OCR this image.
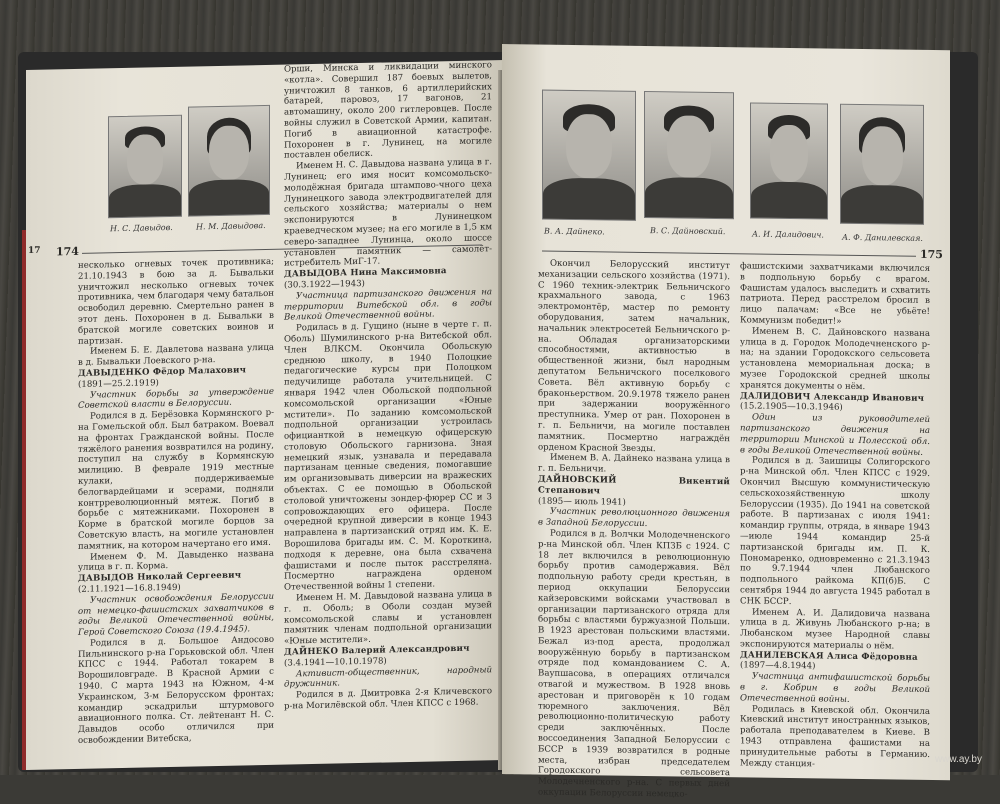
Н. С. Давыдов.	Н. М. Давыдова.
17 174

несколько огневых точек противника; 21.10.1943 в бою за д. Бывальки уничтожил несколько огневых точек противника, чем благодаря чему батальон освободил деревню. Смертельно ранен в этот день. Похоронен в д. Бывальки в братской могиле советских воинов и партизан.

Именем Б. Е. Давлетова названа улица в д. Бывальки Лоевского р-на.

ДАВЫДЕНКО Фёдор Малахович

(1891—25.2.1919)

Участник борьбы за утверждение Советской власти в Белоруссии.

Родился в д. Берёзовка Кормянского р-на Гомельской обл. Был батраком. Воевал на фронтах Гражданской войны. После тяжёлого ранения возвратился на родину, поступил на службу в Кормянскую милицию. В феврале 1919 местные кулаки, поддерживаемые белогвардейцами и эсерами, подняли контрреволюционный мятеж. Погиб в борьбе с мятежниками. Похоронен в Корме в братской могиле борцов за Советскую власть, на могиле установлен памятник, на котором начертано его имя.

Именем Ф. М. Давыденко названа улица в г. п. Корма.

ДАВЫДОВ Николай Сергеевич

(2.11.1921—16.8.1949)

Участник освобождения Белоруссии от немецко-фашистских захватчиков в годы Великой Отечественной войны, Герой Советского Союза (19.4.1945).

Родился в д. Большое Андосово Пильнинского р-на Горьковской обл. Член КПСС с 1944. Работал токарем в Ворошиловграде. В Красной Армии с 1940. С марта 1943 на Южном, 4-м Украинском, 3-м Белорусском фронтах; командир эскадрильи штурмового авиационного полка. Ст. лейтенант Н. С. Давыдов особо отличился при освобождении Витебска,

Орши, Минска и ликвидации минского «котла». Совершил 187 боевых вылетов, уничтожил 8 танков, 6 артиллерийских батарей, паровоз, 17 вагонов, 21 автомашину, около 200 гитлеровцев. После войны служил в Советской Армии, капитан. Погиб в авиационной катастрофе. Похоронен в г. Лунинец, на могиле поставлен обелиск.

Именем Н. С. Давыдова названа улица в г. Лунинец; его имя носит комсомольско-молодёжная бригада штампово-чного цеха Лунинецкого завода электродвигателей для сельского хозяйства; материалы о нем экспонируются в Лунинецком краеведческом музее; на его могиле в 1,5 км северо-западнее Лунинца, около шоссе установлен памятник — самолёт-истребитель МиГ-17.

ДАВЫДОВА Нина Максимовна

(30.3.1922—1943)

Участница партизанского движения на территории Витебской обл. в годы Великой Отечественной войны.

Родилась в д. Гущино (ныне в черте г. п. Оболь) Шумилинского р-на Витебской обл. Член ВЛКСМ. Окончила Обольскую среднюю школу, в 1940 Полоцкие педагогические курсы при Полоцком педучилище работала учительницей. С января 1942 член Обольской подпольной комсомольской организации «Юные мстители». По заданию комсомольской подпольной организации устроилась официанткой в немецкую офицерскую столовую Обольского гарнизона. Зная немецкий язык, узнавала и передавала партизанам ценные сведения, помогавшие им организовывать диверсии на вражеских объектах. С ее помощью в Обольской столовой уничтожены зондер-фюрер СС и 3 сопровождающих его офицера. После очередной крупной диверсии в конце 1943 направлена в партизанский отряд им. К. Е. Ворошилова бригады им. С. М. Короткина, подходя к деревне, она была схвачена фашистами и после пыток расстреляна. Посмертно награждена орденом Отечественной войны 1 степени.

Именем Н. М. Давыдовой названа улица в г. п. Оболь; в Оболи создан музей комсомольской славы и установлен памятник членам подпольной организации «Юные мстители».

ДАЙНЕКО Валерий Александрович

(3.4.1941—10.10.1978)

Активист-общественник, народный дружинник.

Родился в д. Дмитровка 2-я Кличевского р-на Могилёвской обл. Член КПСС с 1968.

В. А. Дайнеко.	В. С. Дайновский.	А. И. Далидович. А. Ф. Данилевская.
175

Окончил Белорусский институт механизации сельского хозяйства (1971). С 1960 техник-электрик Бельничского крахмального завода, с 1963 электромонтёр, мастер по ремонту оборудования, затем начальник, начальник электросетей Бельничского р-на. Обладая организаторскими способностями, активностью в общественной жизни, был народным депутатом Бельничского поселкового Совета. Вёл активную борьбу с браконьерством. 20.9.1978 тяжело ранен при задержании вооружённого преступника. Умер от ран. Похоронен в г. п. Бельничи, на могиле поставлен памятник. Посмертно награждён орденом Красной Звезды.

Именем В. А. Дайнеко названа улица в г. п. Бельничи.

ДАЙНОВСКИЙ Викентий Степанович

(1895— июль 1941)

Участник революционного движения в Западной Белоруссии.

Родился в д. Волчки Молодечненского р-на Минской обл. Член КПЗБ с 1924. С 18 лет включился в революционную борьбу против самодержавия. Вёл подпольную работу среди крестьян, в период оккупации Белоруссии кайзеровскими войсками участвовал в организации партизанского отряда для борьбы с властями буржуазной Польши. В 1923 арестован польскими властями. Бежал из-под ареста, продолжал вооружённую борьбу в партизанском отряде под командованием С. А. Ваупшасова, в операциях отличался отвагой и мужеством. В 1928 вновь арестован и приговорён к 10 годам тюремного заключения. Вёл революционно-политическую работу среди заключённых. После воссоединения Западной Белоруссии с БССР в 1939 возвратился в родные места, избран председателем Городокского сельсовета Молодечненского р-на. С первых дней оккупации Белоруссии немецко-

фашистскими захватчиками включился в подпольную борьбу с врагом. Фашистам удалось выследить и схватить патриота. Перед расстрелом бросил в лицо палачам: «Все не убьёте! Коммунизм победит!»

Именем В. С. Дайновского названа улица в д. Городок Молодечненского р-на; на здании Городокского сельсовета установлена мемориальная доска; в музее Городокской средней школы хранятся документы о нём.

ДАЛИДОВИЧ Александр Иванович

(15.2.1905—10.3.1946)

Один из руководителей партизанского движения на территории Минской и Полесской обл. в годы Великой Отечественной войны.

Родился в д. Заишицы Солигорского р-на Минской обл. Член КПСС с 1929. Окончил Высшую коммунистическую сельскохозяйственную школу Белоруссии (1935). До 1941 на советской работе. В партизанах с июля 1941: командир группы, отряда, в январе 1943—июле 1944 командир 25-й партизанской бригады им. П. К. Пономаренко, одновременно с 21.3.1943 по 9.7.1944 член Любанского подпольного райкома КП(б)Б. С сентября 1944 до августа 1945 работал в СНК БССР.

Именем А. И. Далидовича названа улица в д. Живунь Любанского р-на; в Любанском музее Народной славы экспонируются материалы о нём.

ДАНИЛЕВСКАЯ Алиса Фёдоровна

(1897—4.8.1944)

Участница антифашистской борьбы в г. Кобрин в годы Великой Отечественной войны.

Родилась в Киевской обл. Окончила Киевский институт иностранных языков, работала преподавателем в Киеве. В 1943 отправлена фашистами на принудительные работы в Германию. Между станция-	www.ay.by
